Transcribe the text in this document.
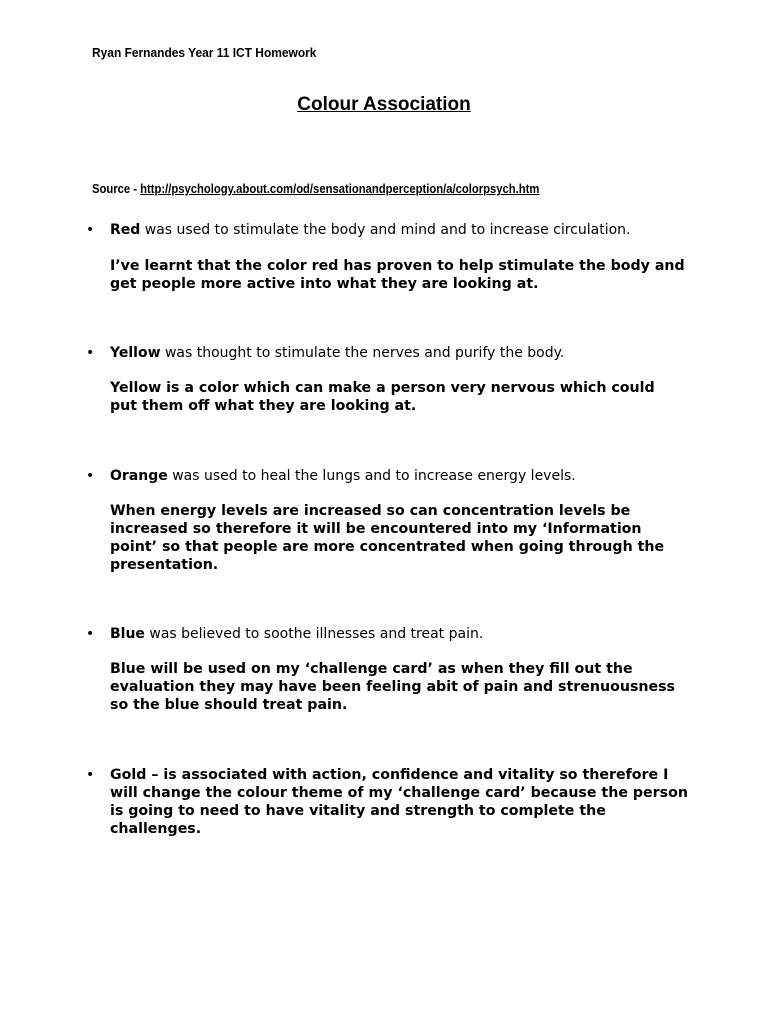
Ryan Fernandes Year 11 ICT Homework
Colour Association
Source - http://psychology.about.com/od/sensationandperception/a/colorpsych.htm
• Red was used to stimulate the body and mind and to increase circulation.
I’ve learnt that the color red has proven to help stimulate the body and get people more active into what they are looking at.
• Yellow was thought to stimulate the nerves and purify the body.
Yellow is a color which can make a person very nervous which could put them off what they are looking at.
• Orange was used to heal the lungs and to increase energy levels.
When energy levels are increased so can concentration levels be increased so therefore it will be encountered into my ‘Information point’ so that people are more concentrated when going through the presentation.
• Blue was believed to soothe illnesses and treat pain.
Blue will be used on my ‘challenge card’ as when they fill out the evaluation they may have been feeling abit of pain and strenuousness so the blue should treat pain.
• Gold – is associated with action, confidence and vitality so therefore I will change the colour theme of my ‘challenge card’ because the person is going to need to have vitality and strength to complete the challenges.
